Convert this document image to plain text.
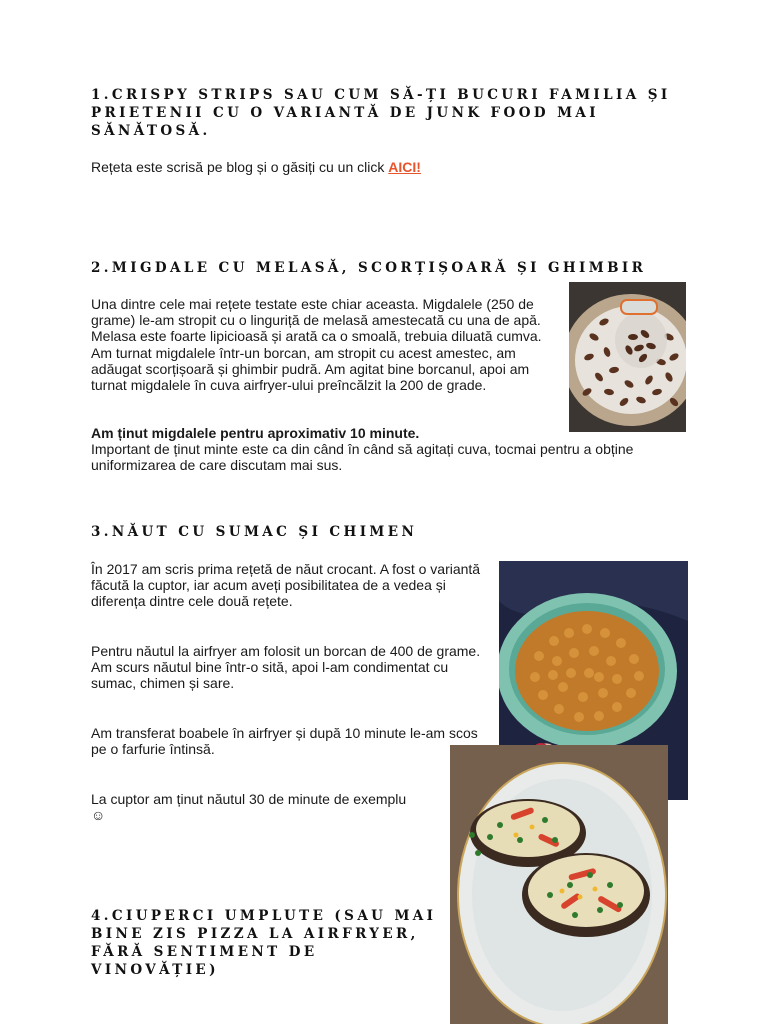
1.CRISPY STRIPS SAU CUM SĂ-ȚI BUCURI FAMILIA ȘI PRIETENII CU O VARIANTĂ DE JUNK FOOD MAI SĂNĂTOSĂ.

Rețeta este scrisă pe blog și o găsiți cu un click AICI!

2.MIGDALE CU MELASĂ, SCORȚIȘOARĂ ȘI GHIMBIR
Una dintre cele mai rețete testate este chiar aceasta. Migdalele (250 de grame) le-am stropit cu o linguriță de melasă amestecată cu una de apă. Melasa este foarte lipicioasă și arată ca o smoală, trebuia diluată cumva.
Am turnat migdalele într-un borcan, am stropit cu acest amestec, am adăugat scorțișoară și ghimbir pudră. Am agitat bine borcanul, apoi am turnat migdalele în cuva airfryer-ului preîncălzit la 200 de grade.
Am ținut migdalele pentru aproximativ 10 minute.
Important de ținut minte este ca din când în când să agitați cuva, tocmai pentru a obține uniformizarea de care discutam mai sus.
3.NĂUT CU SUMAC ȘI CHIMEN
În 2017 am scris prima rețetă de năut crocant. A fost o variantă făcută la cuptor, iar acum aveți posibilitatea de a vedea și diferența dintre cele două rețete.
Pentru năutul la airfryer am folosit un borcan de 400 de grame. Am scurs năutul bine într-o sită, apoi l-am condimentat cu sumac, chimen și sare.
Am transferat boabele în airfryer și după 10 minute le-am scos pe o farfurie întinsă.
La cuptor am ținut năutul 30 de minute de exemplu ☺
4.CIUPERCI UMPLUTE (SAU MAI BINE ZIS PIZZA LA AIRFRYER, FĂRĂ SENTIMENT DE VINOVĂȚIE)
